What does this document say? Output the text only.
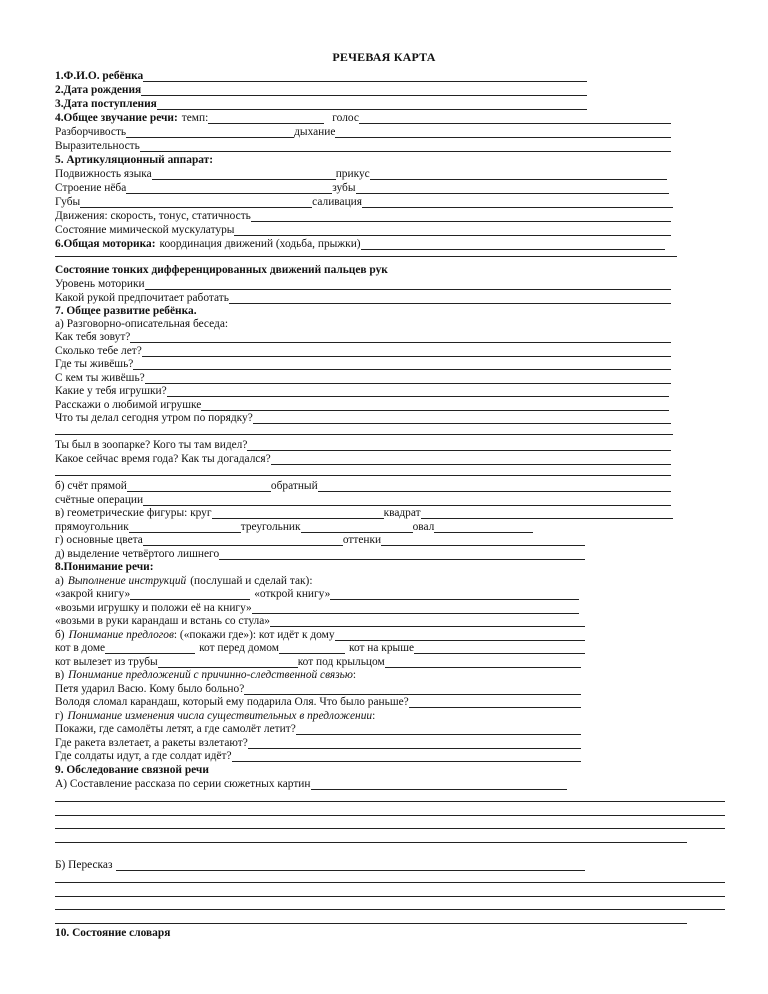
РЕЧЕВАЯ КАРТА
1.Ф.И.О. ребёнка
2.Дата рождения
3.Дата поступления
4.Общее звучание речи: темп:	голос
Разборчивость	дыхание
Выразительность
5. Артикуляционный аппарат:
Подвижность языка	прикус
Строение нёба	зубы
Губы	саливация
Движения: скорость, тонус, статичность
Состояние мимической мускулатуры
6.Общая моторика: координация движений (ходьба, прыжки)
Состояние тонких дифференцированных движений пальцев рук
Уровень моторики
Какой рукой предпочитает работать
7. Общее развитие ребёнка.
а) Разговорно-описательная беседа:
Как тебя зовут?
Сколько тебе лет?
Где ты живёшь?
С кем ты живёшь?
Какие у тебя игрушки?
Расскажи о любимой игрушке
Что ты делал сегодня утром по порядку?
Ты был в зоопарке? Кого ты там видел?
Какое сейчас время года? Как ты догадался?
б) счёт прямой	обратный
счётные операции
в) геометрические фигуры: круг	квадрат
прямоугольник	треугольник	овал
г) основные цвета	оттенки
д) выделение четвёртого лишнего
8.Понимание речи:
а) Выполнение инструкций (послушай и сделай так):
«закрой книгу»	«открой книгу»
«возьми игрушку и положи её на книгу»
«возьми в руки карандаш и встань со стула»
б) Понимание предлогов : («покажи где»): кот идёт к дому
кот в доме	кот перед домом	кот на крыше
кот вылезет из трубы	кот под крыльцом
в) Понимание предложений с причинно-следственной связью :
Петя ударил Васю. Кому было больно?
Володя сломал карандаш, который ему подарила Оля. Что было раньше?
г) Понимание изменения числа существительных в предложении :
Покажи, где самолёты летят, а где самолёт летит?
Где ракета взлетает, а ракеты взлетают?
Где солдаты идут, а где солдат идёт?
9. Обследование связной речи
А) Составление рассказа по серии сюжетных картин
Б) Пересказ
10. Состояние словаря
